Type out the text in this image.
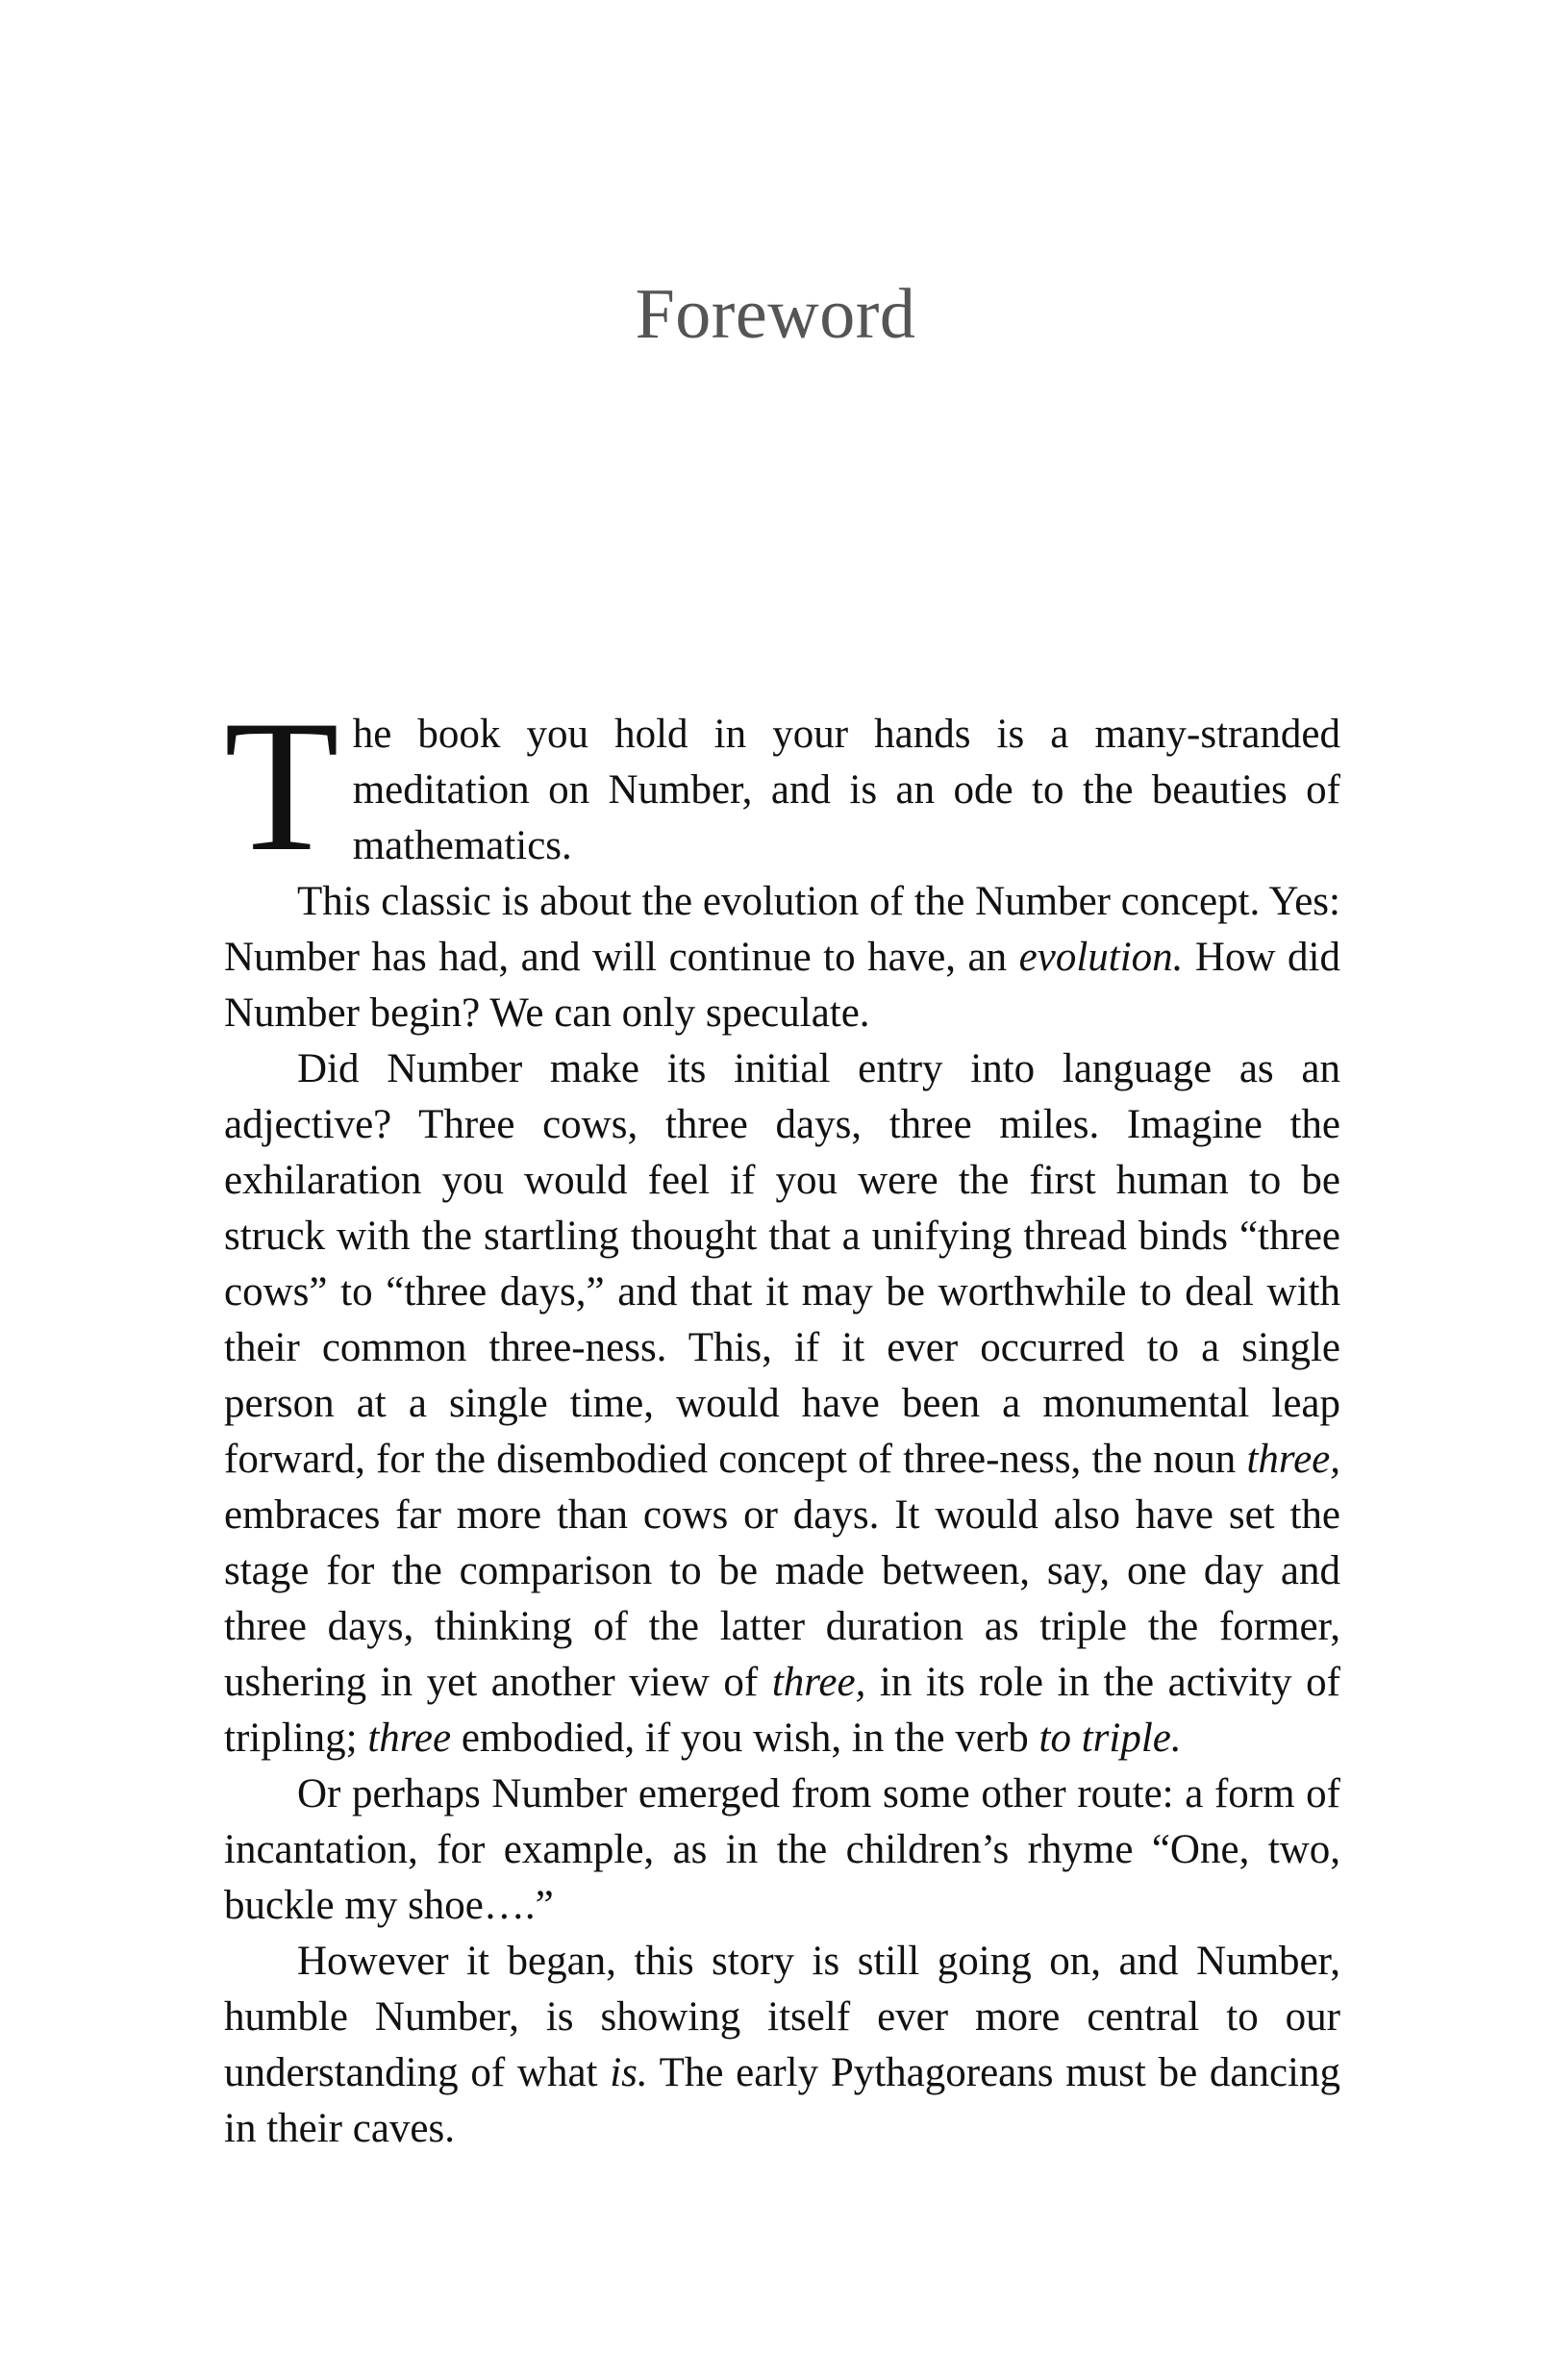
Foreword

The book you hold in your hands is a many-stranded meditation on Number, and is an ode to the beauties of mathematics.

This classic is about the evolution of the Number concept. Yes: Number has had, and will continue to have, an evolution. How did Number begin? We can only speculate.

Did Number make its initial entry into language as an adjective? Three cows, three days, three miles. Imagine the exhilaration you would feel if you were the first human to be struck with the startling thought that a unifying thread binds “three cows” to “three days,” and that it may be worthwhile to deal with their common three-ness. This, if it ever occurred to a single person at a single time, would have been a monumental leap forward, for the disembodied concept of three-ness, the noun three, embraces far more than cows or days. It would also have set the stage for the comparison to be made between, say, one day and three days, thinking of the latter duration as triple the former, ushering in yet another view of three, in its role in the activity of tripling; three embodied, if you wish, in the verb to triple.

Or perhaps Number emerged from some other route: a form of incantation, for example, as in the children’s rhyme “One, two, buckle my shoe….”

However it began, this story is still going on, and Number, humble Number, is showing itself ever more central to our understanding of what is. The early Pythagoreans must be dancing in their caves.
